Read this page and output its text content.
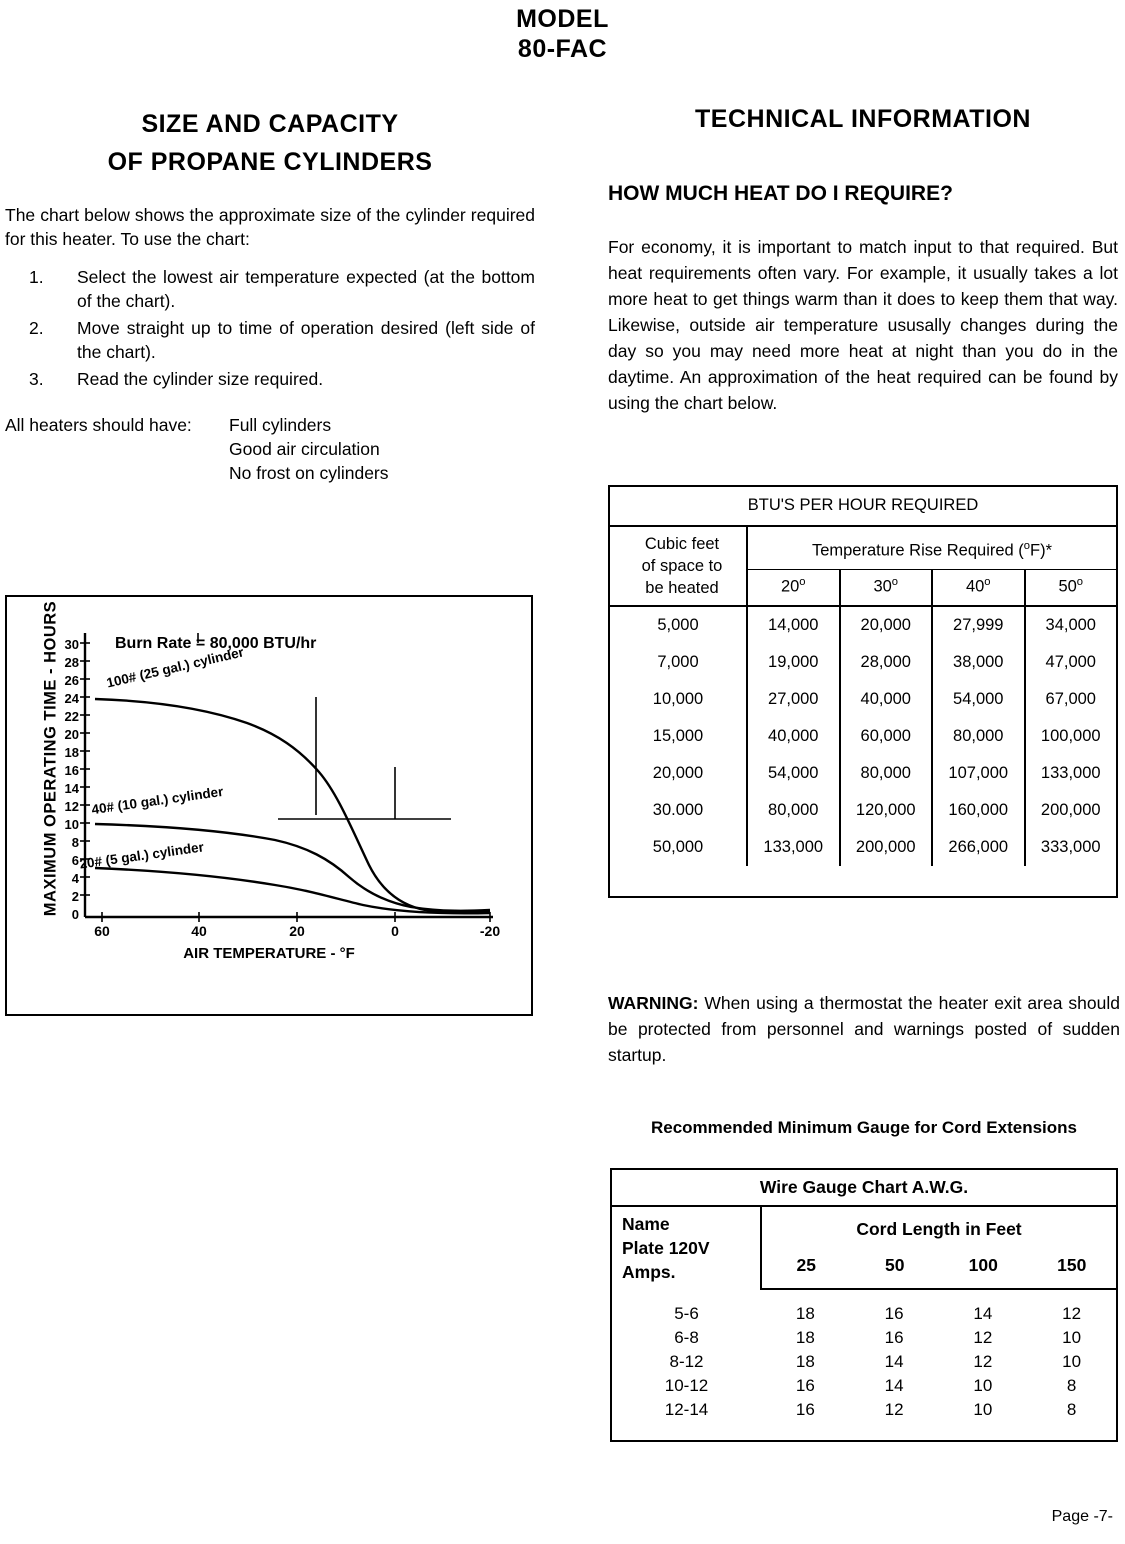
MODEL
80-FAC
SIZE AND CAPACITY
OF PROPANE CYLINDERS

The chart below shows the approximate size of the cylinder required for this heater. To use the chart:

1. Select the lowest air temperature expected (at the bottom of the chart).
2. Move straight up to time of operation desired (left side of the chart).
3. Read the cylinder size required.
All heaters should have: Full cylinders
Good air circulation
No frost on cylinders
MAXIMUM OPERATING TIME - HOURS	Burn Rate = 80,000 BTU/hr
30
28
26
24
22
20
18
16
14
12
10
8
6
4
2
0
60	40	20	0	-20
AIR TEMPERATURE - °F
100# (25 gal.) cylinder
40# (10 gal.) cylinder
20# (5 gal.) cylinder
TECHNICAL INFORMATION
HOW MUCH HEAT DO I REQUIRE?
For economy, it is important to match input to that required. But heat requirements often vary. For example, it usually takes a lot more heat to get things warm than it does to keep them that way. Likewise, outside air temperature ususally changes during the day so you may need more heat at night than you do in the daytime. An approximation of the heat required can be found by using the chart below.
BTU'S PER HOUR REQUIRED				

Cubic feet
of space to
be heated	Temperature Rise Required ($^o$F)*			
	20$^o$	30$^o$	40$^o$	50$^o$
5,000	14,000	20,000	27,999	34,000
7,000	19,000	28,000	38,000	47,000
10,000	27,000	40,000	54,000	67,000
15,000	40,000	60,000	80,000	100,000
20,000	54,000	80,000	107,000	133,000
30.000	80,000	120,000	160,000	200,000
50,000	133,000	200,000	266,000	333,000

WARNING: When using a thermostat the heater exit area should be protected from personnel and warnings posted of sudden startup.
Recommended Minimum Gauge for Cord Extensions
Wire Gauge Chart A.W.G.	

Name
Plate 120V
Amps.	Cord Length in Feet
	25 50 100 150

5-6	18 16 14 12
6-8	18 16 12 10
8-12	18 14 12 10
10-12	16 14 10 8
12-14	16 12 10 8

Page -7-
